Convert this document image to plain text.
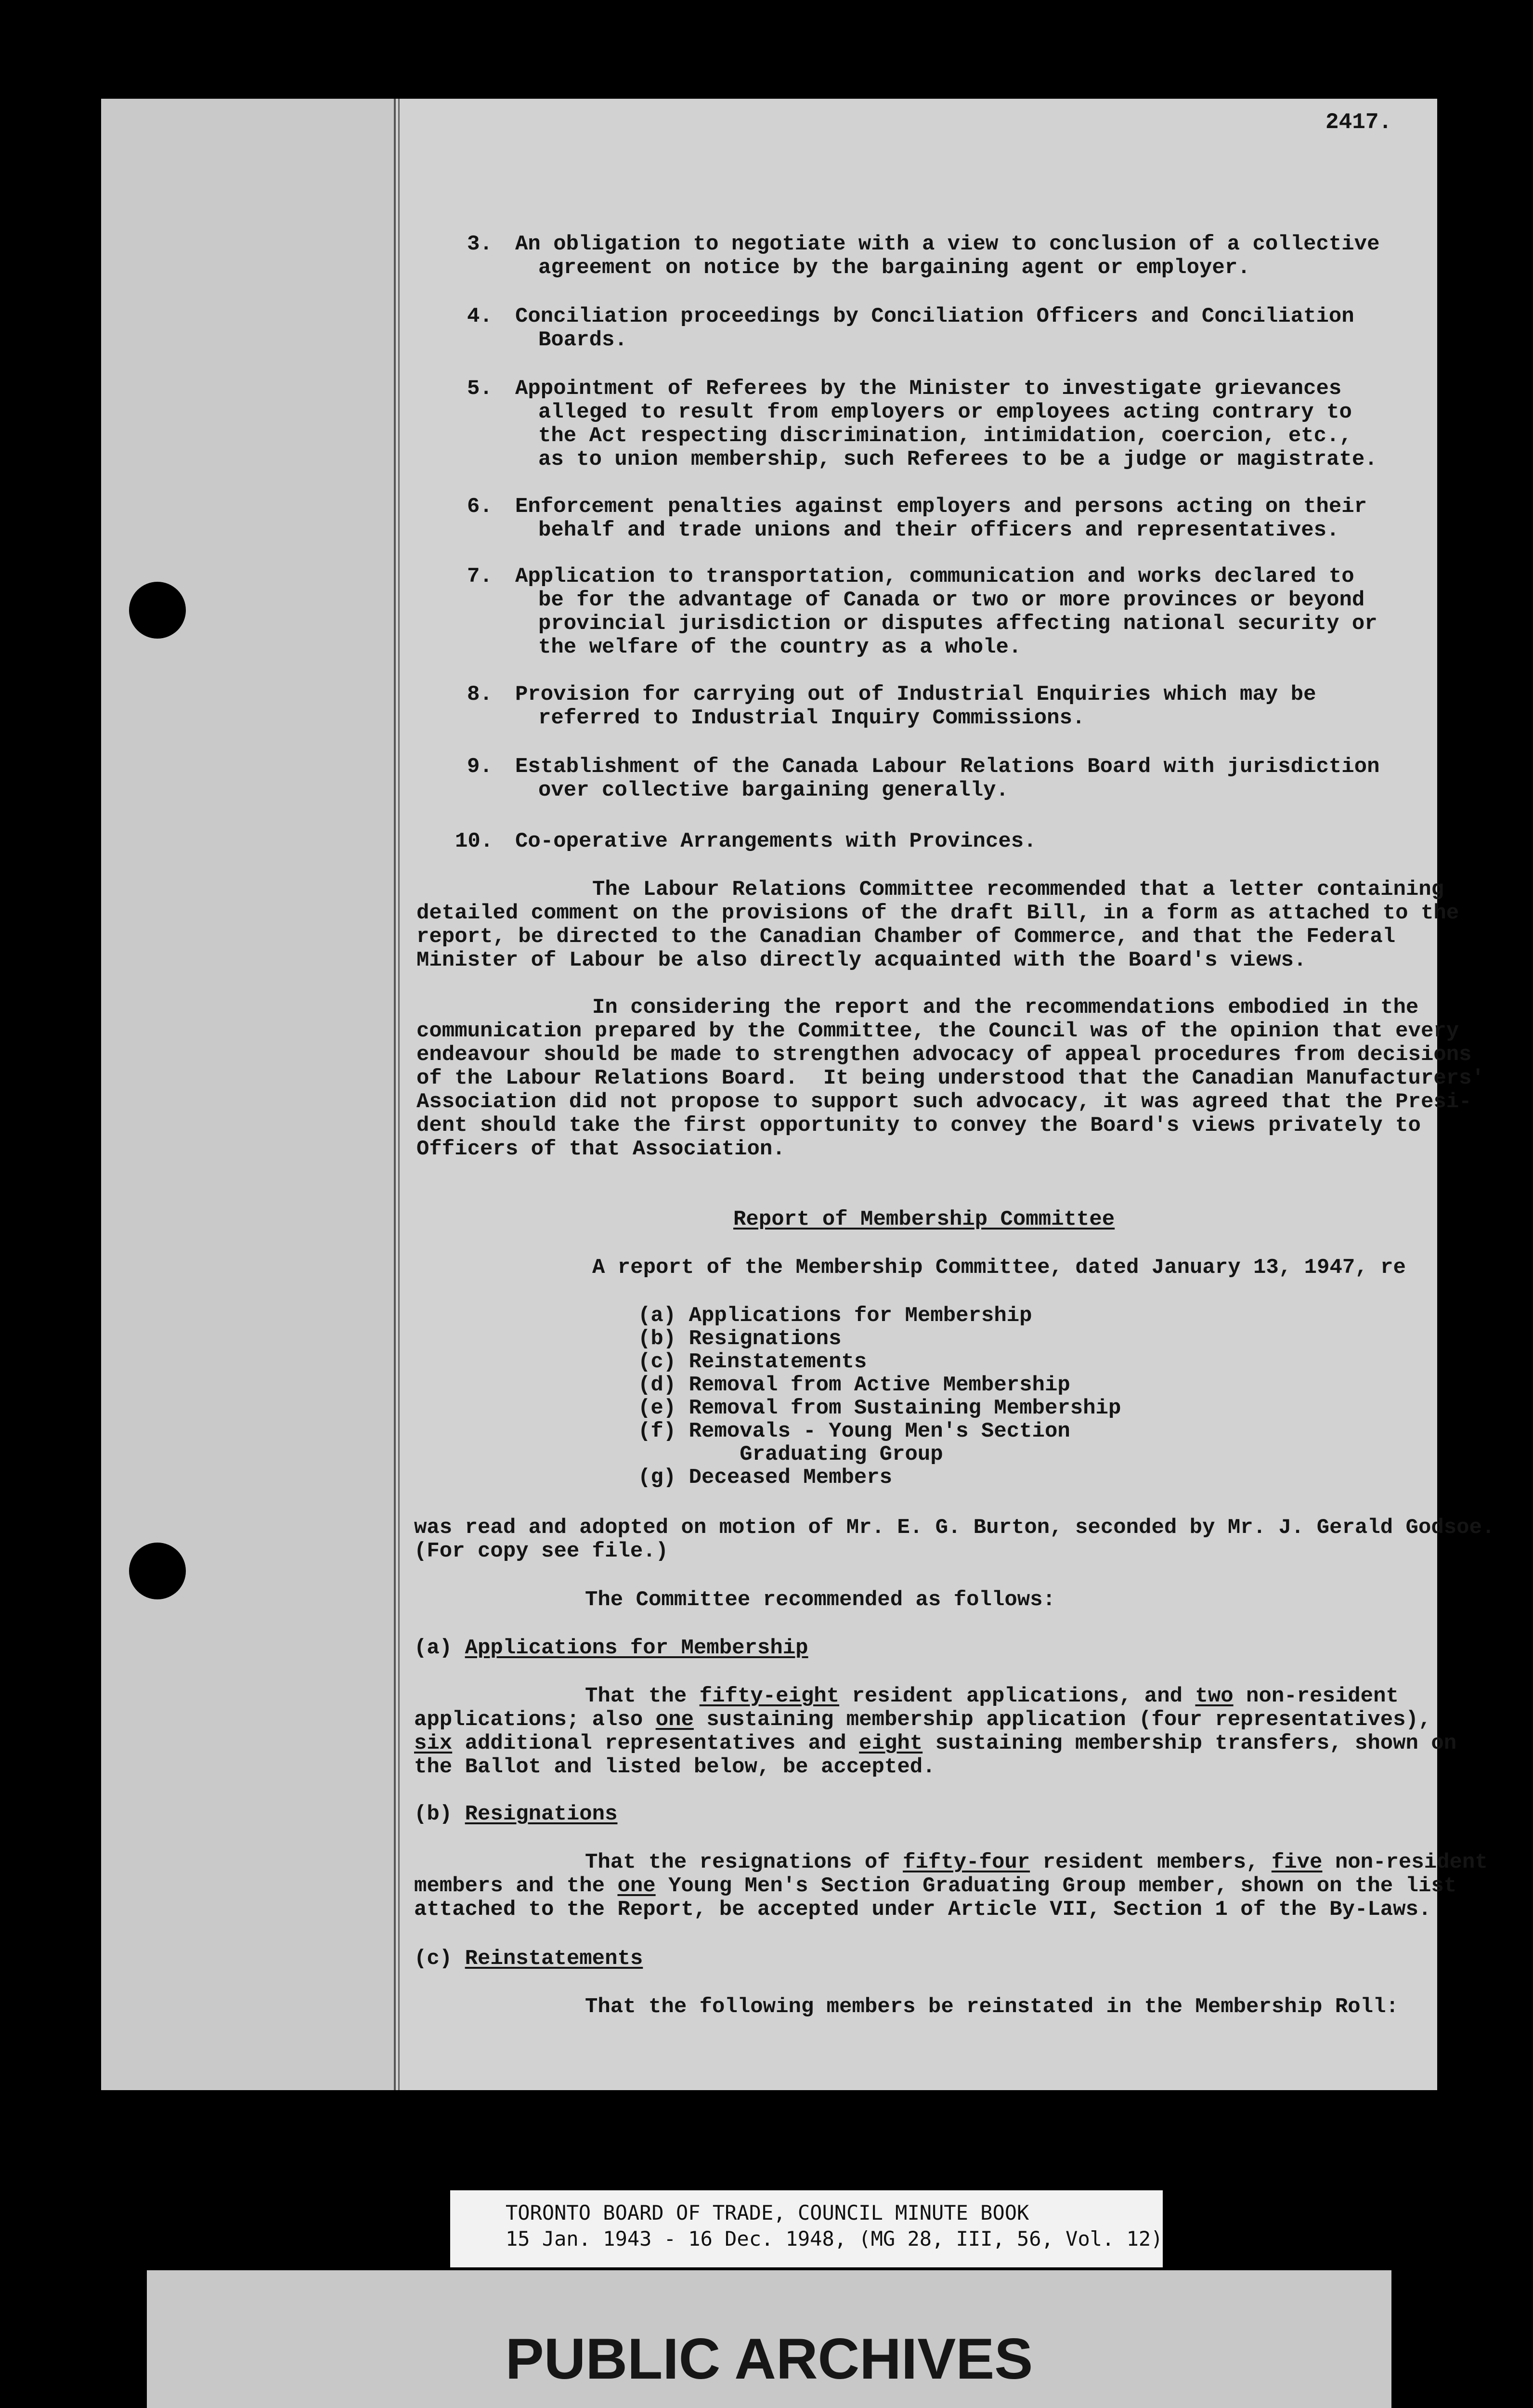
2417.

3. An obligation to negotiate with a view to conclusion of a collective

agreement on notice by the bargaining agent or employer.

4. Conciliation proceedings by Conciliation Officers and Conciliation

Boards.

5. Appointment of Referees by the Minister to investigate grievances

alleged to result from employers or employees acting contrary to

the Act respecting discrimination, intimidation, coercion, etc.,

as to union membership, such Referees to be a judge or magistrate.

6. Enforcement penalties against employers and persons acting on their

behalf and trade unions and their officers and representatives.

7. Application to transportation, communication and works declared to

be for the advantage of Canada or two or more provinces or beyond

provincial jurisdiction or disputes affecting national security or

the welfare of the country as a whole.

8. Provision for carrying out of Industrial Enquiries which may be

referred to Industrial Inquiry Commissions.

9. Establishment of the Canada Labour Relations Board with jurisdiction

over collective bargaining generally.

10. Co-operative Arrangements with Provinces.

The Labour Relations Committee recommended that a letter containing

detailed comment on the provisions of the draft Bill, in a form as attached to the

report, be directed to the Canadian Chamber of Commerce, and that the Federal

Minister of Labour be also directly acquainted with the Board's views.

In considering the report and the recommendations embodied in the

communication prepared by the Committee, the Council was of the opinion that every

endeavour should be made to strengthen advocacy of appeal procedures from decisions

of the Labour Relations Board.  It being understood that the Canadian Manufacturers'

Association did not propose to support such advocacy, it was agreed that the Presi-

dent should take the first opportunity to convey the Board's views privately to

Officers of that Association.

Report of Membership Committee

A report of the Membership Committee, dated January 13, 1947, re

(a) Applications for Membership

(b) Resignations

(c) Reinstatements

(d) Removal from Active Membership

(e) Removal from Sustaining Membership

(f) Removals - Young Men's Section

Graduating Group

(g) Deceased Members

was read and adopted on motion of Mr. E. G. Burton, seconded by Mr. J. Gerald Godsoe.

(For copy see file.)

The Committee recommended as follows:

(a) Applications for Membership

That the fifty-eight resident applications, and two non-resident

applications; also one sustaining membership application (four representatives),

six additional representatives and eight sustaining membership transfers, shown on

the Ballot and listed below, be accepted.

(b) Resignations

That the resignations of fifty-four resident members, five non-resident

members and the one Young Men's Section Graduating Group member, shown on the list

attached to the Report, be accepted under Article VII, Section 1 of the By-Laws.

(c) Reinstatements

That the following members be reinstated in the Membership Roll:

TORONTO BOARD OF TRADE, COUNCIL MINUTE BOOK
15 Jan. 1943 - 16 Dec. 1948, (MG 28, III, 56, Vol. 12)
PUBLIC ARCHIVES
